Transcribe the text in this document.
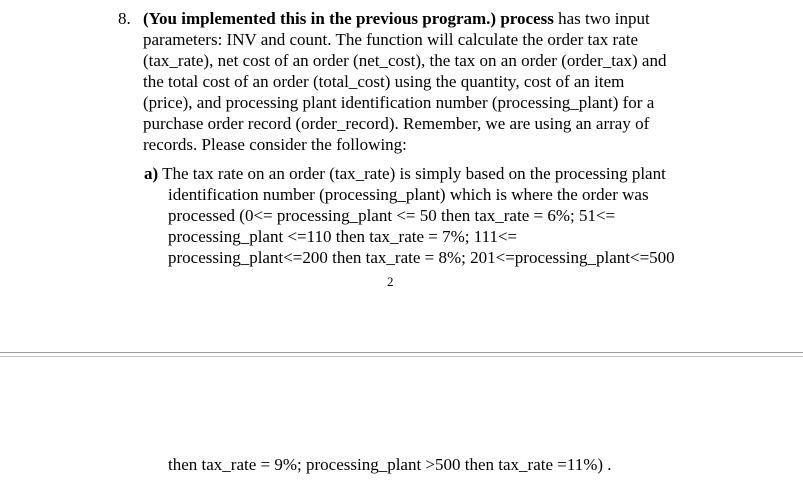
8. (You implemented this in the previous program.) process has two input
parameters: INV and count. The function will calculate the order tax rate
(tax_rate), net cost of an order (net_cost), the tax on an order (order_tax) and
the total cost of an order (total_cost) using the quantity, cost of an item
(price), and processing plant identification number (processing_plant) for a
purchase order record (order_record). Remember, we are using an array of
records. Please consider the following:
a) The tax rate on an order (tax_rate) is simply based on the processing plant
identification number (processing_plant) which is where the order was
processed (0<= processing_plant <= 50 then tax_rate = 6%; 51<=
processing_plant <=110 then tax_rate = 7%; 111<=
processing_plant<=200 then tax_rate = 8%; 201<=processing_plant<=500
2
then tax_rate = 9%; processing_plant >500 then tax_rate =11%) .
